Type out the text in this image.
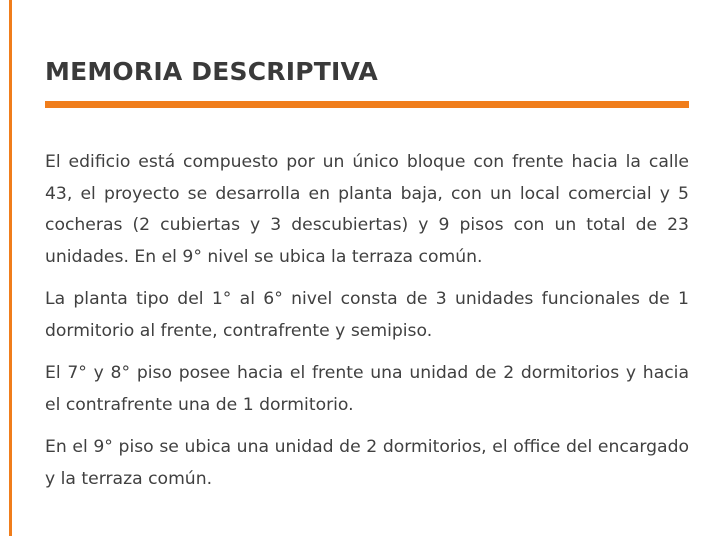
MEMORIA DESCRIPTIVA

El edificio está compuesto por un único bloque con frente hacia la calle 43, el proyecto se desarrolla en planta baja, con un local comercial y 5 cocheras (2 cubiertas y 3 descubiertas) y 9 pisos con un total de 23 unidades. En el 9° nivel se ubica la terraza común.

La planta tipo del 1° al 6° nivel consta de 3 unidades funcionales de 1 dormitorio al frente, contrafrente y semipiso.

El 7° y 8° piso posee hacia el frente una unidad de 2 dormitorios y hacia el contrafrente una de 1 dormitorio.

En el 9° piso se ubica una unidad de 2 dormitorios, el office del encargado y la terraza común.
